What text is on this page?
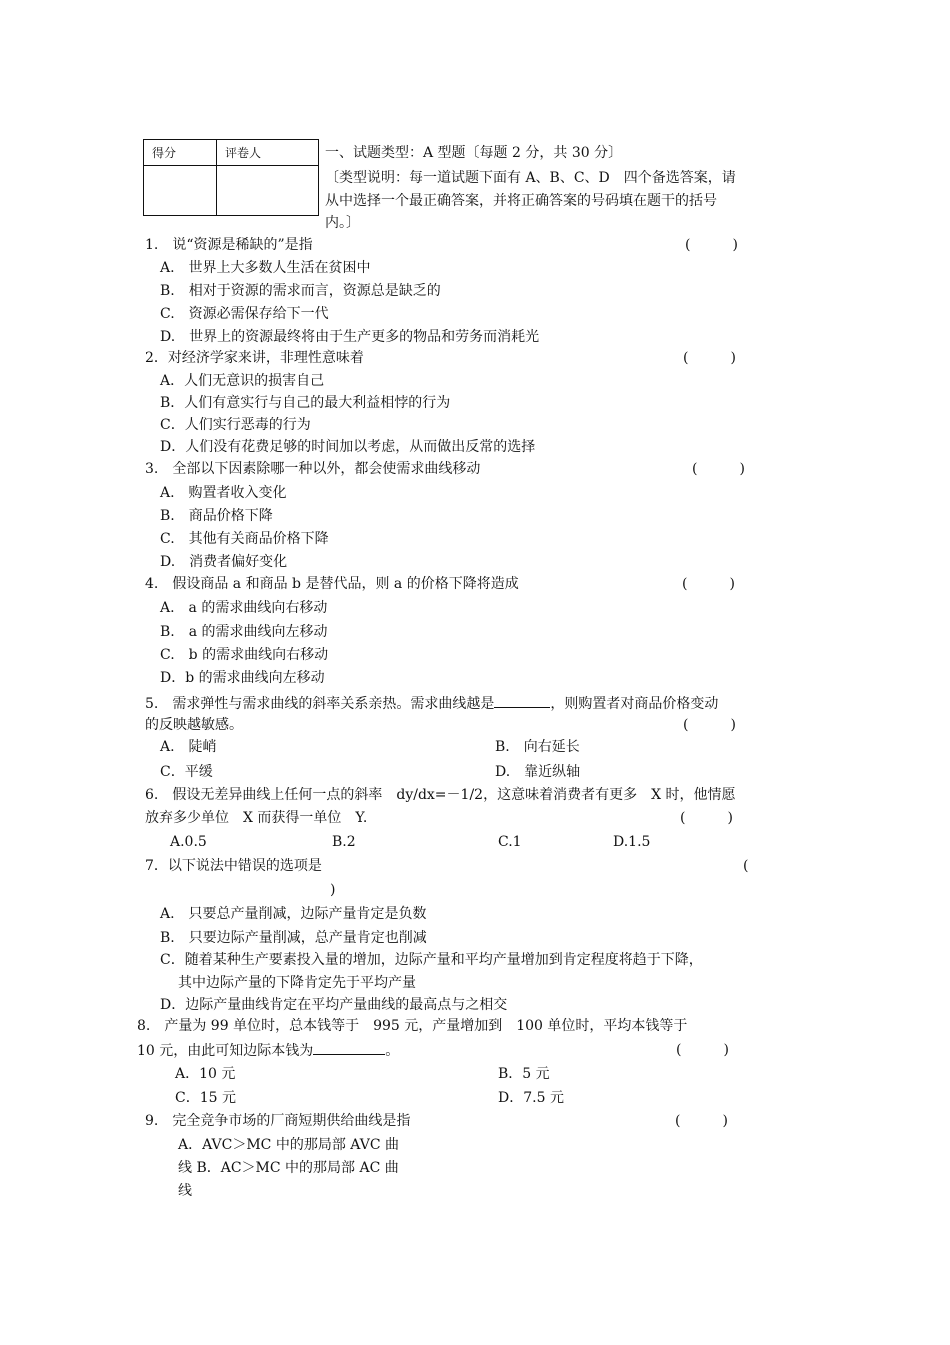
得分	评卷人
		一、试题类型：A 型题〔每题 2 分，共 30 分〕
〔类型说明：每一道试题下面有 A、B、C、D　四个备选答案，请
从中选择一个最正确答案，并将正确答案的号码填在题干的括号
内。〕
1.　说“资源是稀缺的”是指	(　　　)
A.　世界上大多数人生活在贫困中
B.　相对于资源的需求而言，资源总是缺乏的
C.　资源必需保存给下一代
D.　世界上的资源最终将由于生产更多的物品和劳务而消耗光
2．对经济学家来讲，非理性意味着	(　　　)
A．人们无意识的损害自己
B．人们有意实行与自己的最大利益相悖的行为
C．人们实行恶毒的行为
D．人们没有花费足够的时间加以考虑，从而做出反常的选择
3.　全部以下因素除哪一种以外，都会使需求曲线移动	(　　　)
A.　购置者收入变化
B.　商品价格下降
C.　其他有关商品价格下降
D.　消费者偏好变化
4.　假设商品 a 和商品 b 是替代品，则 a 的价格下降将造成	(　　　)
A.　a 的需求曲线向右移动
B.　a 的需求曲线向左移动
C.　b 的需求曲线向右移动
D．b 的需求曲线向左移动
5.　需求弹性与需求曲线的斜率关系亲热。需求曲线越是	，则购置者对商品价格变动
的反映越敏感。	(　　　)
A.　陡峭	B.　向右延长
C．平缓	D.　靠近纵轴
6.　假设无差异曲线上任何一点的斜率　dy/dx=－1/2，这意味着消费者有更多　X 时，他情愿
放弃多少单位　X 而获得一单位　Y.	(　　　)
A.0.5	B.2	C.1	D.1.5
7．以下说法中错误的选项是	(
)
A.　只要总产量削减，边际产量肯定是负数
B.　只要边际产量削减，总产量肯定也削减
C．随着某种生产要素投入量的增加，边际产量和平均产量增加到肯定程度将趋于下降，
其中边际产量的下降肯定先于平均产量
D．边际产量曲线肯定在平均产量曲线的最高点与之相交
8.　产量为 99 单位时，总本钱等于　995 元，产量增加到　100 单位时，平均本钱等于
10 元，由此可知边际本钱为	。	(　　　)
A．10 元	B．5 元
C．15 元	D．7.5 元
9.　完全竞争市场的厂商短期供给曲线是指	(　　　)
A．AVC＞MC 中的那局部 AVC 曲
线 B．AC＞MC 中的那局部 AC 曲
线
